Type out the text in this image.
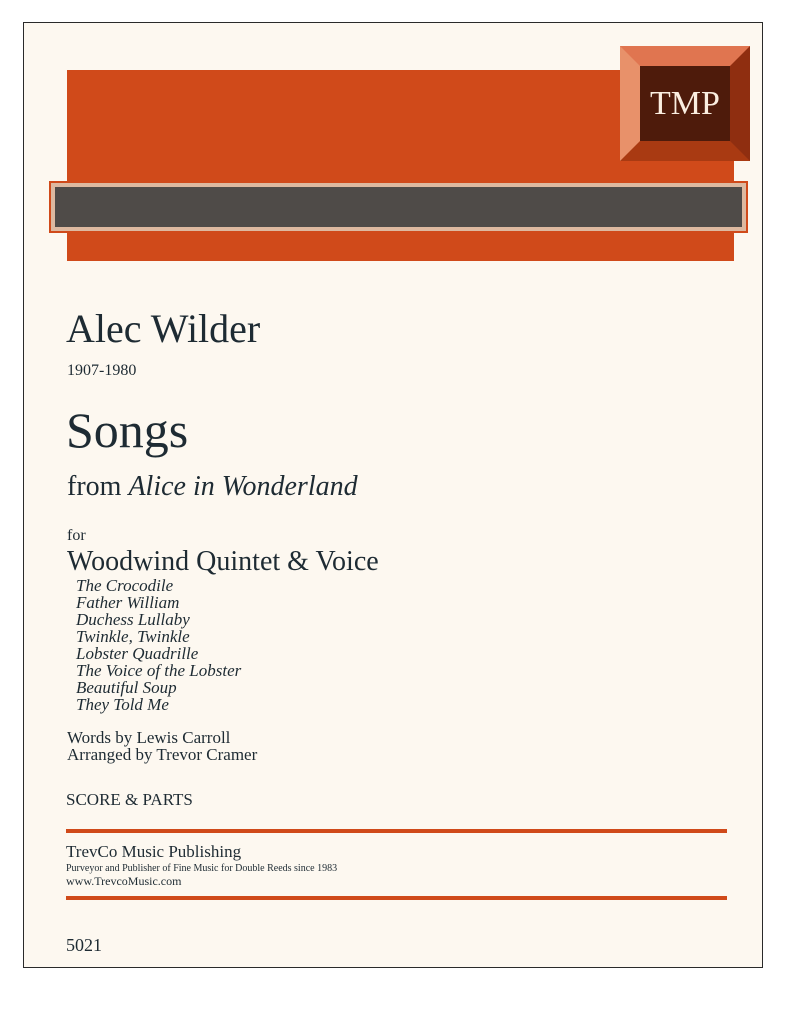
TMP
Alec Wilder
1907-1980
Songs
from Alice in Wonderland
for
Woodwind Quintet & Voice
The Crocodile
Father William
Duchess Lullaby
Twinkle, Twinkle
Lobster Quadrille
The Voice of the Lobster
Beautiful Soup
They Told Me
Words by Lewis Carroll
Arranged by Trevor Cramer
SCORE & PARTS
TrevCo Music Publishing
Purveyor and Publisher of Fine Music for Double Reeds since 1983
www.TrevcoMusic.com
5021
